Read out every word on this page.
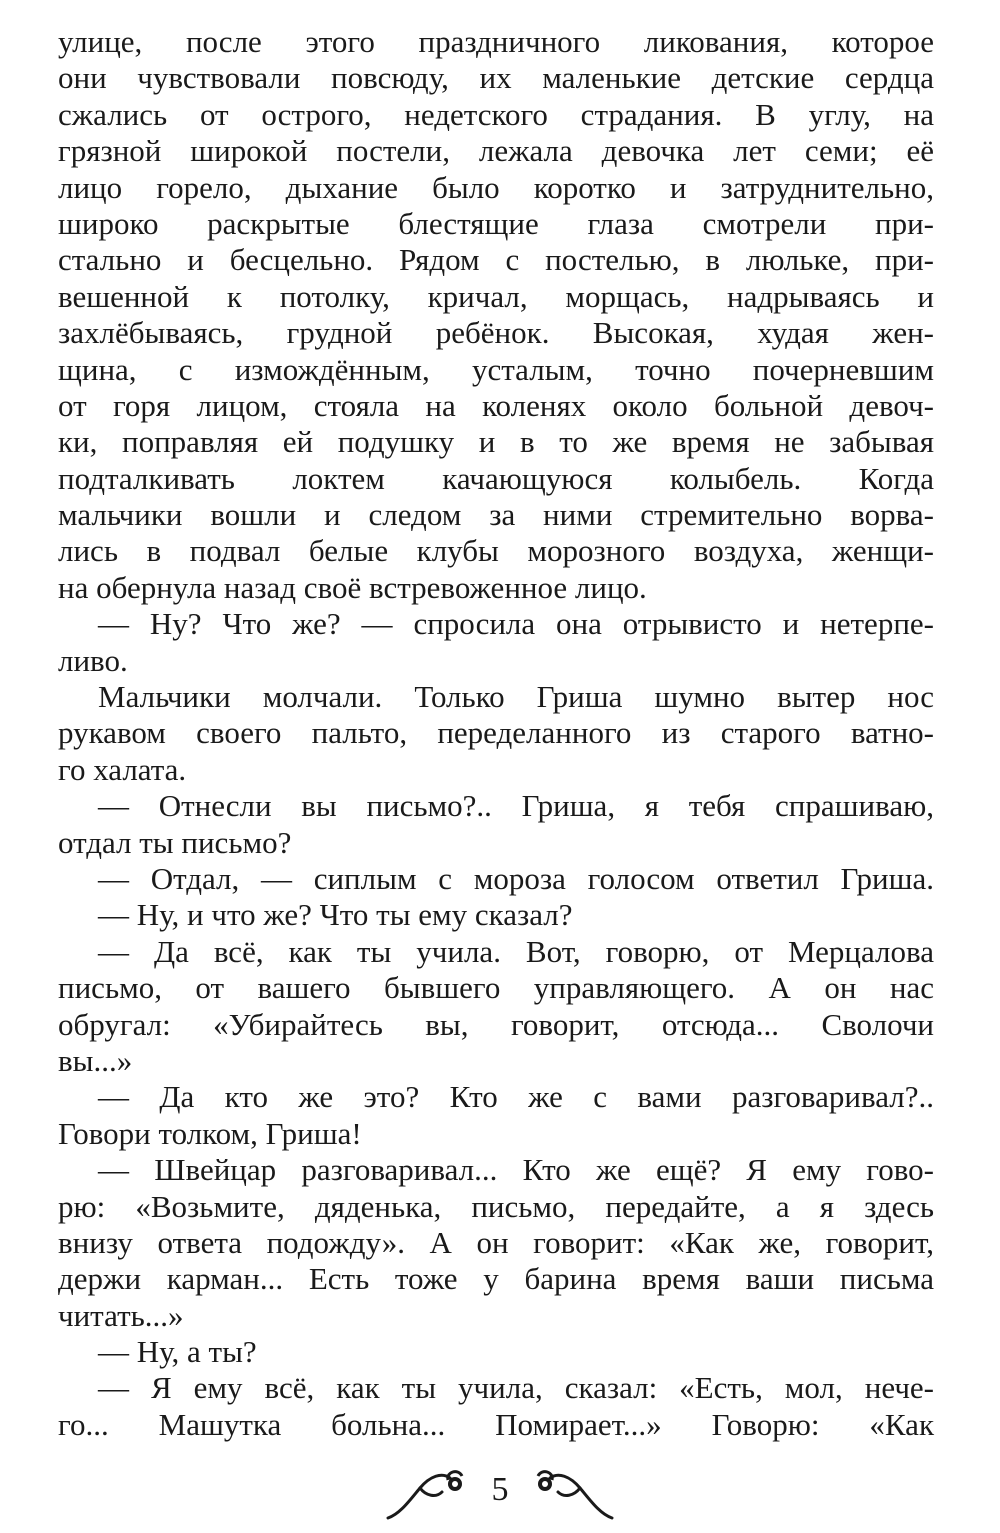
улице, после этого праздничного ликования, которое
они чувствовали повсюду, их маленькие детские сердца
сжались от острого, недетского страдания. В углу, на
грязной широкой постели, лежала девочка лет семи; её
лицо горело, дыхание было коротко и затруднительно,
широко раскрытые блестящие глаза смотрели при-
стально и бесцельно. Рядом с постелью, в люльке, при-
вешенной к потолку, кричал, морщась, надрываясь и
захлёбываясь, грудной ребёнок. Высокая, худая жен-
щина, с измождённым, усталым, точно почерневшим
от горя лицом, стояла на коленях около больной девоч-
ки, поправляя ей подушку и в то же время не забывая
подталкивать локтем качающуюся колыбель. Когда
мальчики вошли и следом за ними стремительно ворва-
лись в подвал белые клубы морозного воздуха, женщи-
на обернула назад своё встревоженное лицо.
— Ну? Что же? — спросила она отрывисто и нетерпе-
ливо.
Мальчики молчали. Только Гриша шумно вытер нос
рукавом своего пальто, переделанного из старого ватно-
го халата.
— Отнесли вы письмо?.. Гриша, я тебя спрашиваю,
отдал ты письмо?
— Отдал, — сиплым с мороза голосом ответил Гриша.
— Ну, и что же? Что ты ему сказал?
— Да всё, как ты учила. Вот, говорю, от Мерцалова
письмо, от вашего бывшего управляющего. А он нас
обругал: «Убирайтесь вы, говорит, отсюда... Сволочи
вы...»
— Да кто же это? Кто же с вами разговаривал?..
Говори толком, Гриша!
— Швейцар разговаривал... Кто же ещё? Я ему гово-
рю: «Возьмите, дяденька, письмо, передайте, а я здесь
внизу ответа подожду». А он говорит: «Как же, говорит,
держи карман... Есть тоже у барина время ваши письма
читать...»
— Ну, а ты?
— Я ему всё, как ты учила, сказал: «Есть, мол, нече-
го... Машутка больна... Помирает...» Говорю: «Как
5
